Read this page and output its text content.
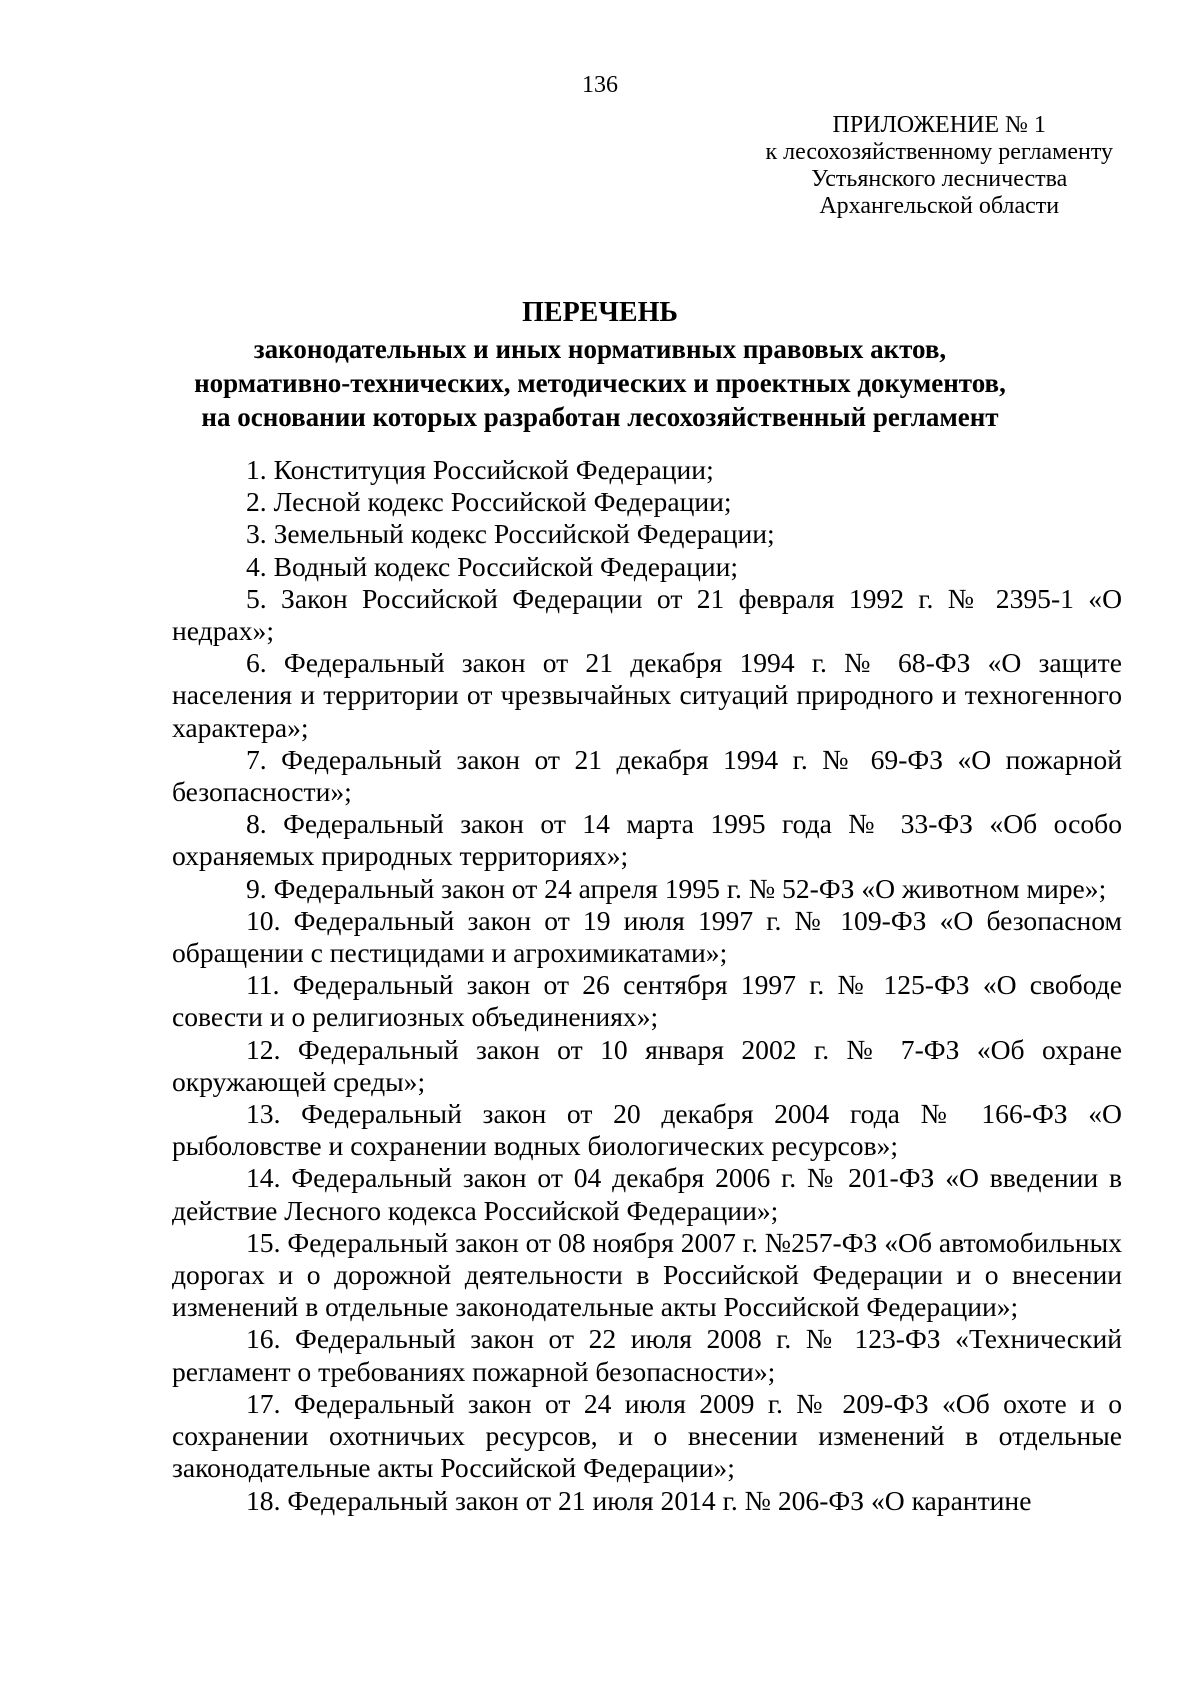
136
ПРИЛОЖЕНИЕ № 1
к лесохозяйственному регламенту
Устьянского лесничества
Архангельской области
ПЕРЕЧЕНЬ
законодательных и иных нормативных правовых актов,
нормативно-технических, методических и проектных документов,
на основании которых разработан лесохозяйственный регламент

1. Конституция Российской Федерации;

2. Лесной кодекс Российской Федерации;

3. Земельный кодекс Российской Федерации;

4. Водный кодекс Российской Федерации;

5. Закон Российской Федерации от 21 февраля 1992 г. № 2395-1 «О недрах»;

6. Федеральный закон от 21 декабря 1994 г. № 68-ФЗ «О защите населения и территории от чрезвычайных ситуаций природного и техногенного характера»;

7. Федеральный закон от 21 декабря 1994 г. № 69-ФЗ «О пожарной безопасности»;

8. Федеральный закон от 14 марта 1995 года № 33-ФЗ «Об особо охраняемых природных территориях»;

9. Федеральный закон от 24 апреля 1995 г. № 52-ФЗ «О животном мире»;

10. Федеральный закон от 19 июля 1997 г. № 109-ФЗ «О безопасном обращении с пестицидами и агрохимикатами»;

11. Федеральный закон от 26 сентября 1997 г. № 125-ФЗ «О свободе совести и о религиозных объединениях»;

12. Федеральный закон от 10 января 2002 г. № 7-ФЗ «Об охране окружающей среды»;

13. Федеральный закон от 20 декабря 2004 года № 166-ФЗ «О рыболовстве и сохранении водных биологических ресурсов»;

14. Федеральный закон от 04 декабря 2006 г. № 201-ФЗ «О введении в действие Лесного кодекса Российской Федерации»;

15. Федеральный закон от 08 ноября 2007 г. №257-ФЗ «Об автомобильных дорогах и о дорожной деятельности в Российской Федерации и о внесении изменений в отдельные законодательные акты Российской Федерации»;

16. Федеральный закон от 22 июля 2008 г. № 123-ФЗ «Технический регламент о требованиях пожарной безопасности»;

17. Федеральный закон от 24 июля 2009 г. № 209-ФЗ «Об охоте и о сохранении охотничьих ресурсов, и о внесении изменений в отдельные законодательные акты Российской Федерации»;

18. Федеральный закон от 21 июля 2014 г. № 206-ФЗ «О карантине
